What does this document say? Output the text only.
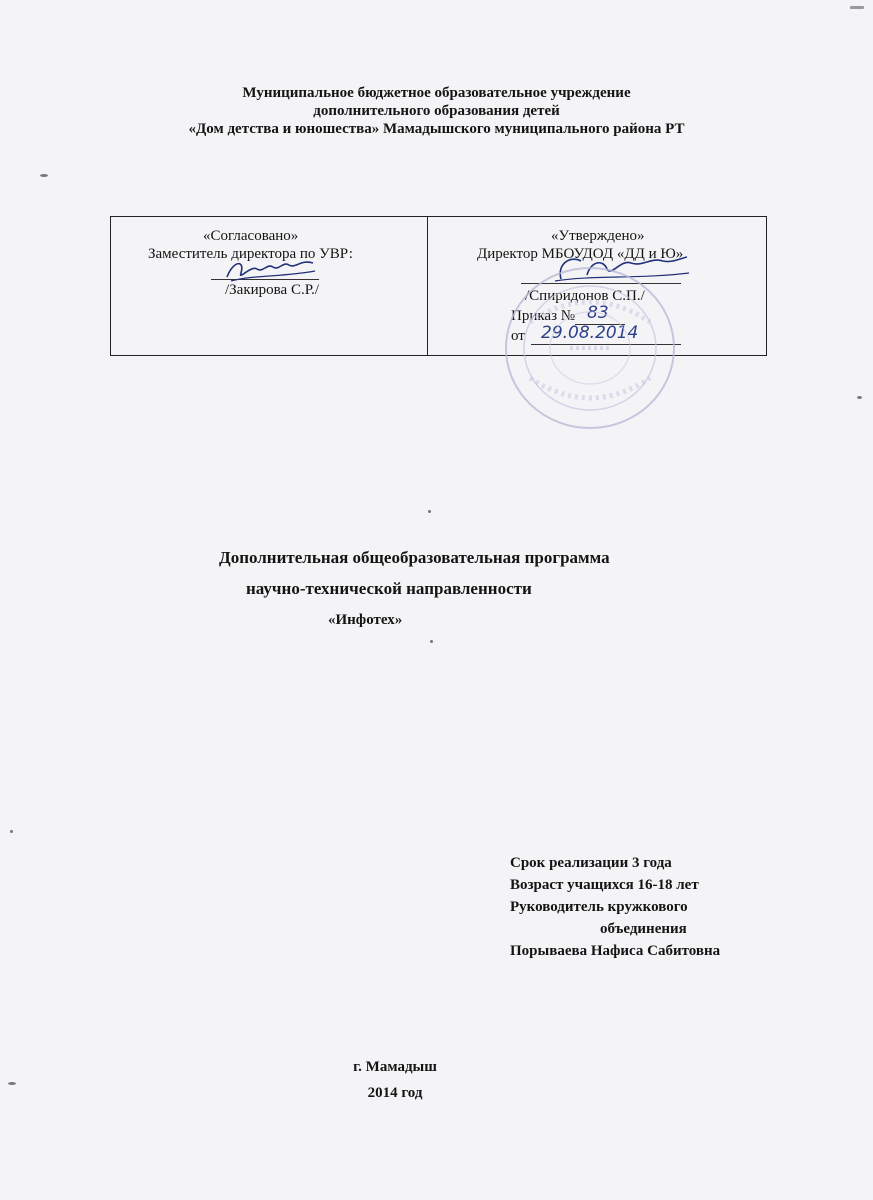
Муниципальное бюджетное образовательное учреждение
дополнительного образования детей
«Дом детства и юношества» Мамадышского муниципального района РТ
«Согласовано»
Заместитель директора по УВР:
/Закирова С.Р./
«Утверждено»
Директор МБОУДОД «ДД и Ю»
/Спиридонов С.П./
Приказ № 83
от 29.08.2014
Дополнительная общеобразовательная программа
научно-технической направленности
«Инфотех»
Срок реализации 3 года
Возраст учащихся 16-18 лет
Руководитель кружкового
объединения
Порываева Нафиса Сабитовна
г. Мамадыш
2014 год
